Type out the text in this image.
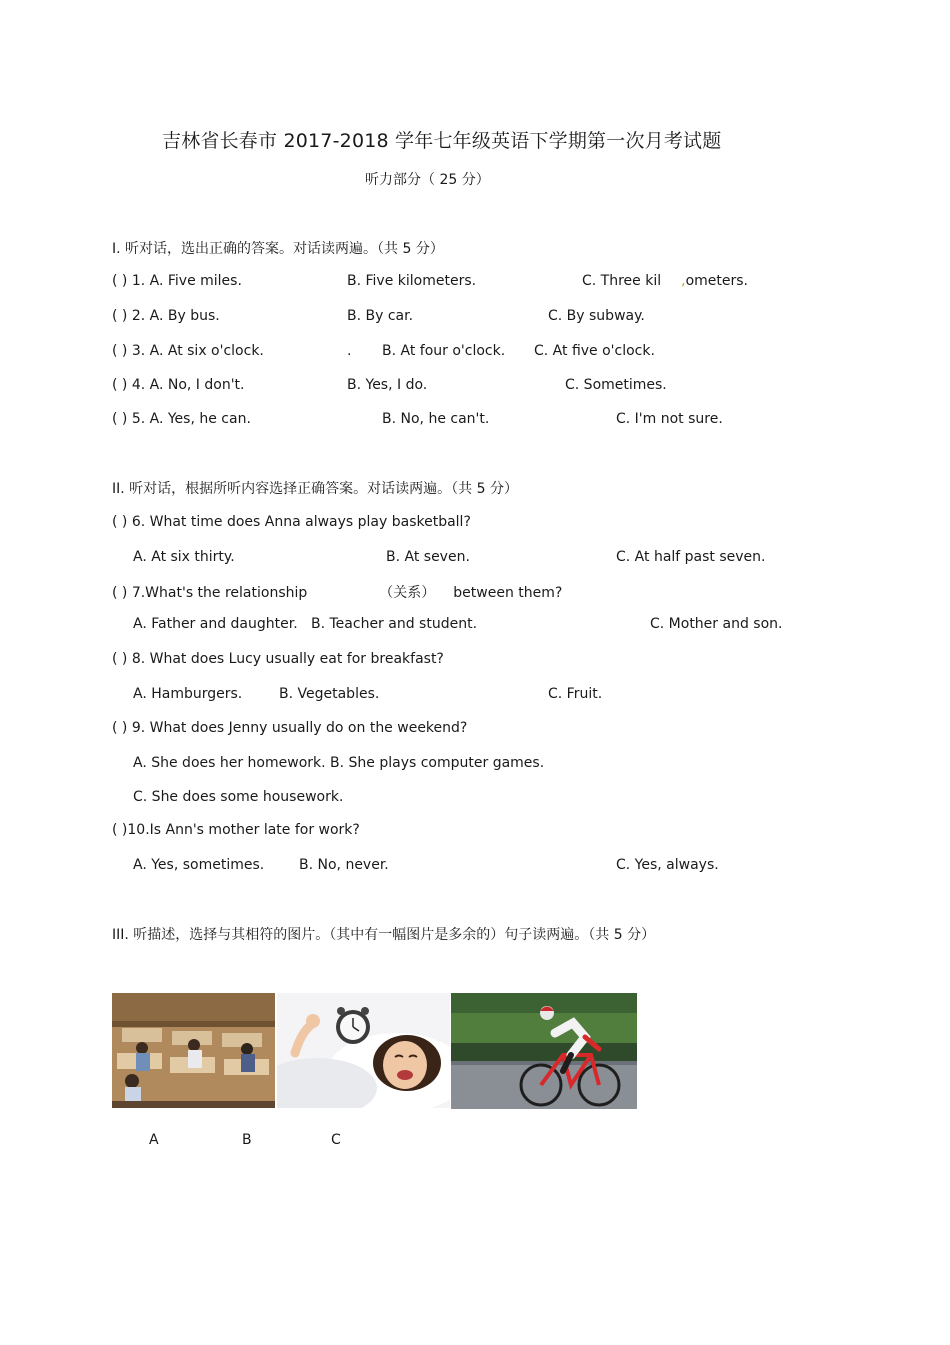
吉林省长春市 2017-2018 学年七年级英语下学期第一次月考试题
听力部分（ 25 分）
I. 听对话，选出正确的答案。对话读两遍。（共 5 分）
( ) 1. A. Five miles.	B. Five kilometers.	C. Three kil ,ometers.
( ) 2. A. By bus.	B. By car.	C. By subway.
( ) 3. A. At six o'clock.	. B. At four o'clock. C. At five o'clock.
( ) 4. A. No, I don't.	B. Yes, I do.	C. Sometimes.
( ) 5. A. Yes, he can.	B. No, he can't.	C. I'm not sure.
II. 听对话，根据所听内容选择正确答案。对话读两遍。（共 5 分）
( ) 6. What time does Anna always play basketball?
A. At six thirty.	B. At seven.	C. At half past seven.
( ) 7.What's the relationship	（关系） between them?
A. Father and daughter. B. Teacher and student.	C. Mother and son.
( ) 8. What does Lucy usually eat for breakfast?
A. Hamburgers.	B. Vegetables.	C. Fruit.
( ) 9. What does Jenny usually do on the weekend?
A. She does her homework. B. She plays computer games.
C. She does some housework.
( )10.Is Ann's mother late for work?
A. Yes, sometimes. B. No, never.	C. Yes, always.
III. 听描述，选择与其相符的图片。（其中有一幅图片是多余的）句子读两遍。（共 5 分）
A	B	C
